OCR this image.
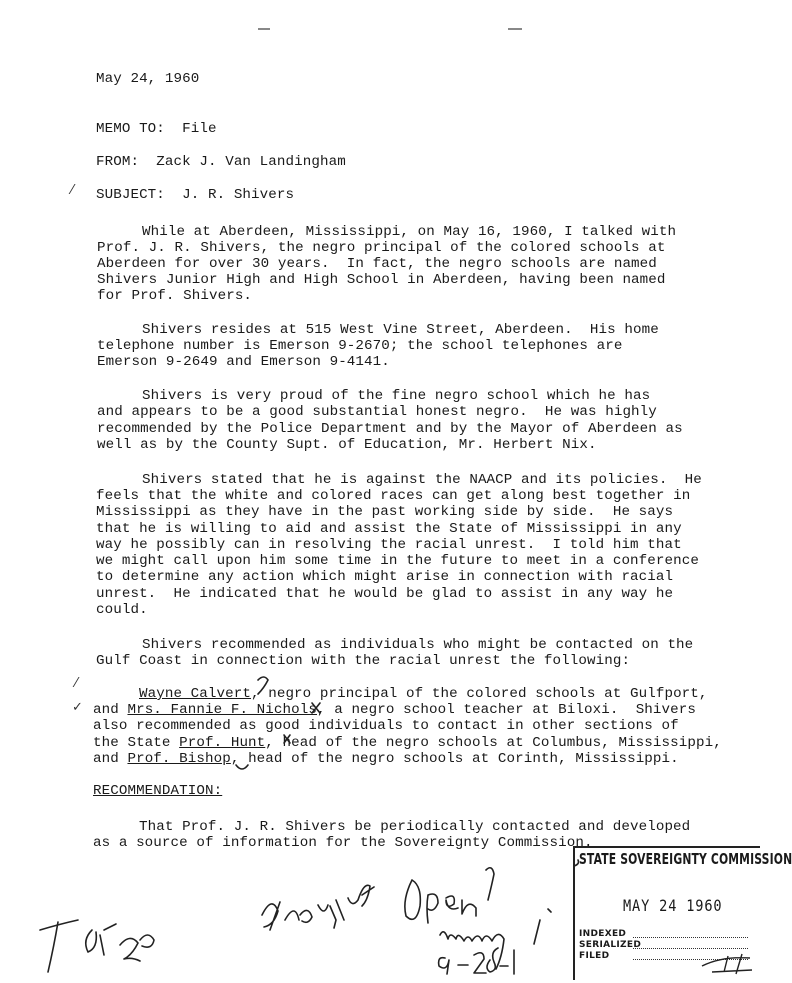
May 24, 1960
MEMO TO:  File
FROM:  Zack J. Van Landingham
⁄ SUBJECT:  J. R. Shivers
While at Aberdeen, Mississippi, on May 16, 1960, I talked with
Prof. J. R. Shivers, the negro principal of the colored schools at
Aberdeen for over 30 years.  In fact, the negro schools are named
Shivers Junior High and High School in Aberdeen, having been named
for Prof. Shivers.
Shivers resides at 515 West Vine Street, Aberdeen.  His home
telephone number is Emerson 9-2670; the school telephones are
Emerson 9-2649 and Emerson 9-4141.
Shivers is very proud of the fine negro school which he has
and appears to be a good substantial honest negro.  He was highly
recommended by the Police Department and by the Mayor of Aberdeen as
well as by the County Supt. of Education, Mr. Herbert Nix.
Shivers stated that he is against the NAACP and its policies.  He
feels that the white and colored races can get along best together in
Mississippi as they have in the past working side by side.  He says
that he is willing to aid and assist the State of Mississippi in any
way he possibly can in resolving the racial unrest.  I told him that
we might call upon him some time in the future to meet in a conference
to determine any action which might arise in connection with racial
unrest.  He indicated that he would be glad to assist in any way he
could.
Shivers recommended as individuals who might be contacted on the
Gulf Coast in connection with the racial unrest the following:
⁄
Wayne Calvert, negro principal of the colored schools at Gulfport,
✓ and Mrs. Fannie F. Nichols, a negro school teacher at Biloxi.  Shivers
also recommended as good individuals to contact in other sections of
the State Prof. Hunt, head of the negro schools at Columbus, Mississippi,
and Prof. Bishop, head of the negro schools at Corinth, Mississippi.
RECOMMENDATION:
That Prof. J. R. Shivers be periodically contacted and developed
as a source of information for the Sovereignty Commission.
STATE SOVEREIGNTY COMMISSION
MAY 24 1960
INDEXED
SERIALIZED
FILED
